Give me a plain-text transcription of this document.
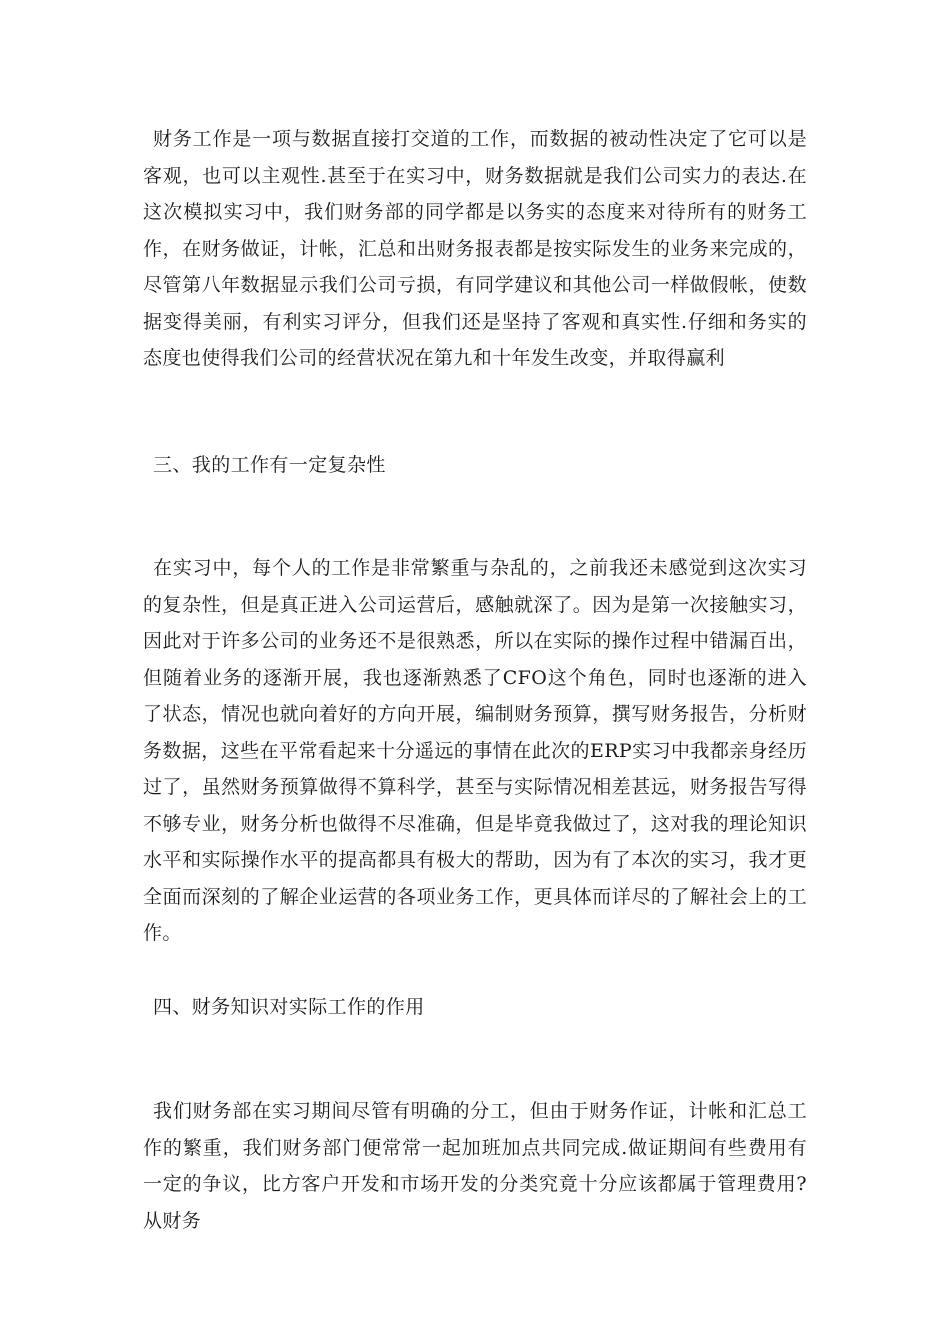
财务工作是一项与数据直接打交道的工作，而数据的被动性决定了它可以是客观，也可以主观性.甚至于在实习中，财务数据就是我们公司实力的表达.在这次模拟实习中，我们财务部的同学都是以务实的态度来对待所有的财务工作，在财务做证，计帐，汇总和出财务报表都是按实际发生的业务来完成的，尽管第八年数据显示我们公司亏损，有同学建议和其他公司一样做假帐，使数据变得美丽，有利实习评分，但我们还是坚持了客观和真实性.仔细和务实的态度也使得我们公司的经营状况在第九和十年发生改变，并取得赢利

三、我的工作有一定复杂性

在实习中，每个人的工作是非常繁重与杂乱的，之前我还未感觉到这次实习的复杂性，但是真正进入公司运营后，感触就深了。因为是第一次接触实习，因此对于许多公司的业务还不是很熟悉，所以在实际的操作过程中错漏百出，但随着业务的逐渐开展，我也逐渐熟悉了CFO这个角色，同时也逐渐的进入了状态，情况也就向着好的方向开展，编制财务预算，撰写财务报告，分析财务数据，这些在平常看起来十分遥远的事情在此次的ERP实习中我都亲身经历过了，虽然财务预算做得不算科学，甚至与实际情况相差甚远，财务报告写得不够专业，财务分析也做得不尽准确，但是毕竟我做过了，这对我的理论知识水平和实际操作水平的提高都具有极大的帮助，因为有了本次的实习，我才更全面而深刻的了解企业运营的各项业务工作，更具体而详尽的了解社会上的工作。

四、财务知识对实际工作的作用

我们财务部在实习期间尽管有明确的分工，但由于财务作证，计帐和汇总工作的繁重，我们财务部门便常常一起加班加点共同完成.做证期间有些费用有一定的争议，比方客户开发和市场开发的分类究竟十分应该都属于管理费用?从财务
